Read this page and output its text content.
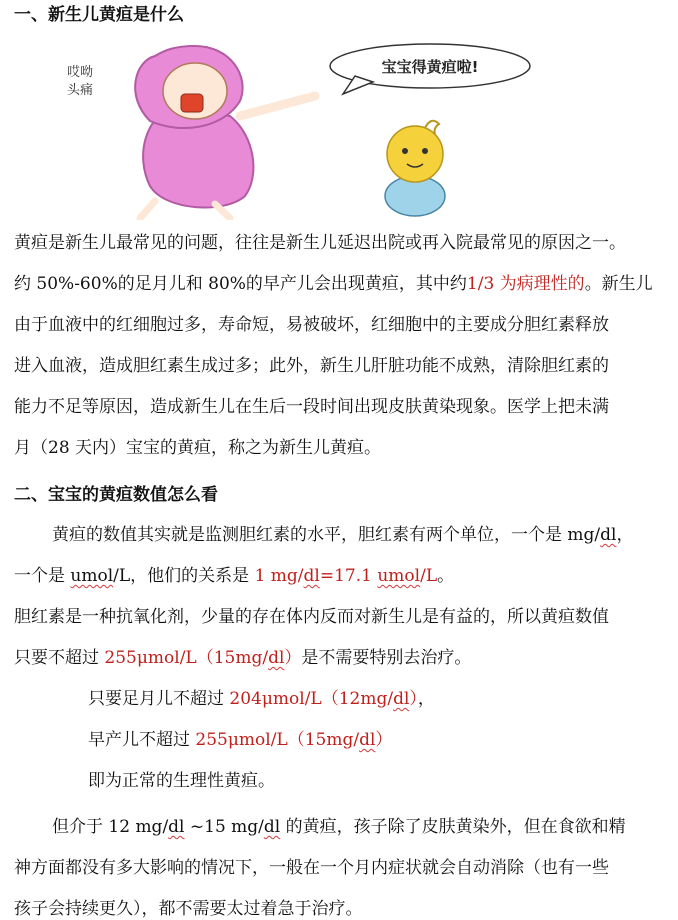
一、新生儿黄疸是什么
哎呦
头痛
宝宝得黄疸啦!
黄疸是新生儿最常见的问题，往往是新生儿延迟出院或再入院最常见的原因之一。
约 50%-60%的足月儿和 80%的早产儿会出现黄疸，其中约1/3 为病理性的。新生儿
由于血液中的红细胞过多，寿命短，易被破坏，红细胞中的主要成分胆红素释放
进入血液，造成胆红素生成过多；此外，新生儿肝脏功能不成熟，清除胆红素的
能力不足等原因，造成新生儿在生后一段时间出现皮肤黄染现象。医学上把未满
月（28 天内）宝宝的黄疸，称之为新生儿黄疸。
二、宝宝的黄疸数值怎么看
黄疸的数值其实就是监测胆红素的水平，胆红素有两个单位，一个是 mg/dl，
一个是 umol/L，他们的关系是 1 mg/dl=17.1 umol/L。
胆红素是一种抗氧化剂，少量的存在体内反而对新生儿是有益的，所以黄疸数值
只要不超过 255μmol/L（15mg/dl）是不需要特别去治疗。
只要足月儿不超过 204μmol/L（12mg/dl），
早产儿不超过 255μmol/L（15mg/dl）
即为正常的生理性黄疸。
但介于 12 mg/dl ~15 mg/dl 的黄疸，孩子除了皮肤黄染外，但在食欲和精
神方面都没有多大影响的情况下，一般在一个月内症状就会自动消除（也有一些
孩子会持续更久），都不需要太过着急于治疗。
